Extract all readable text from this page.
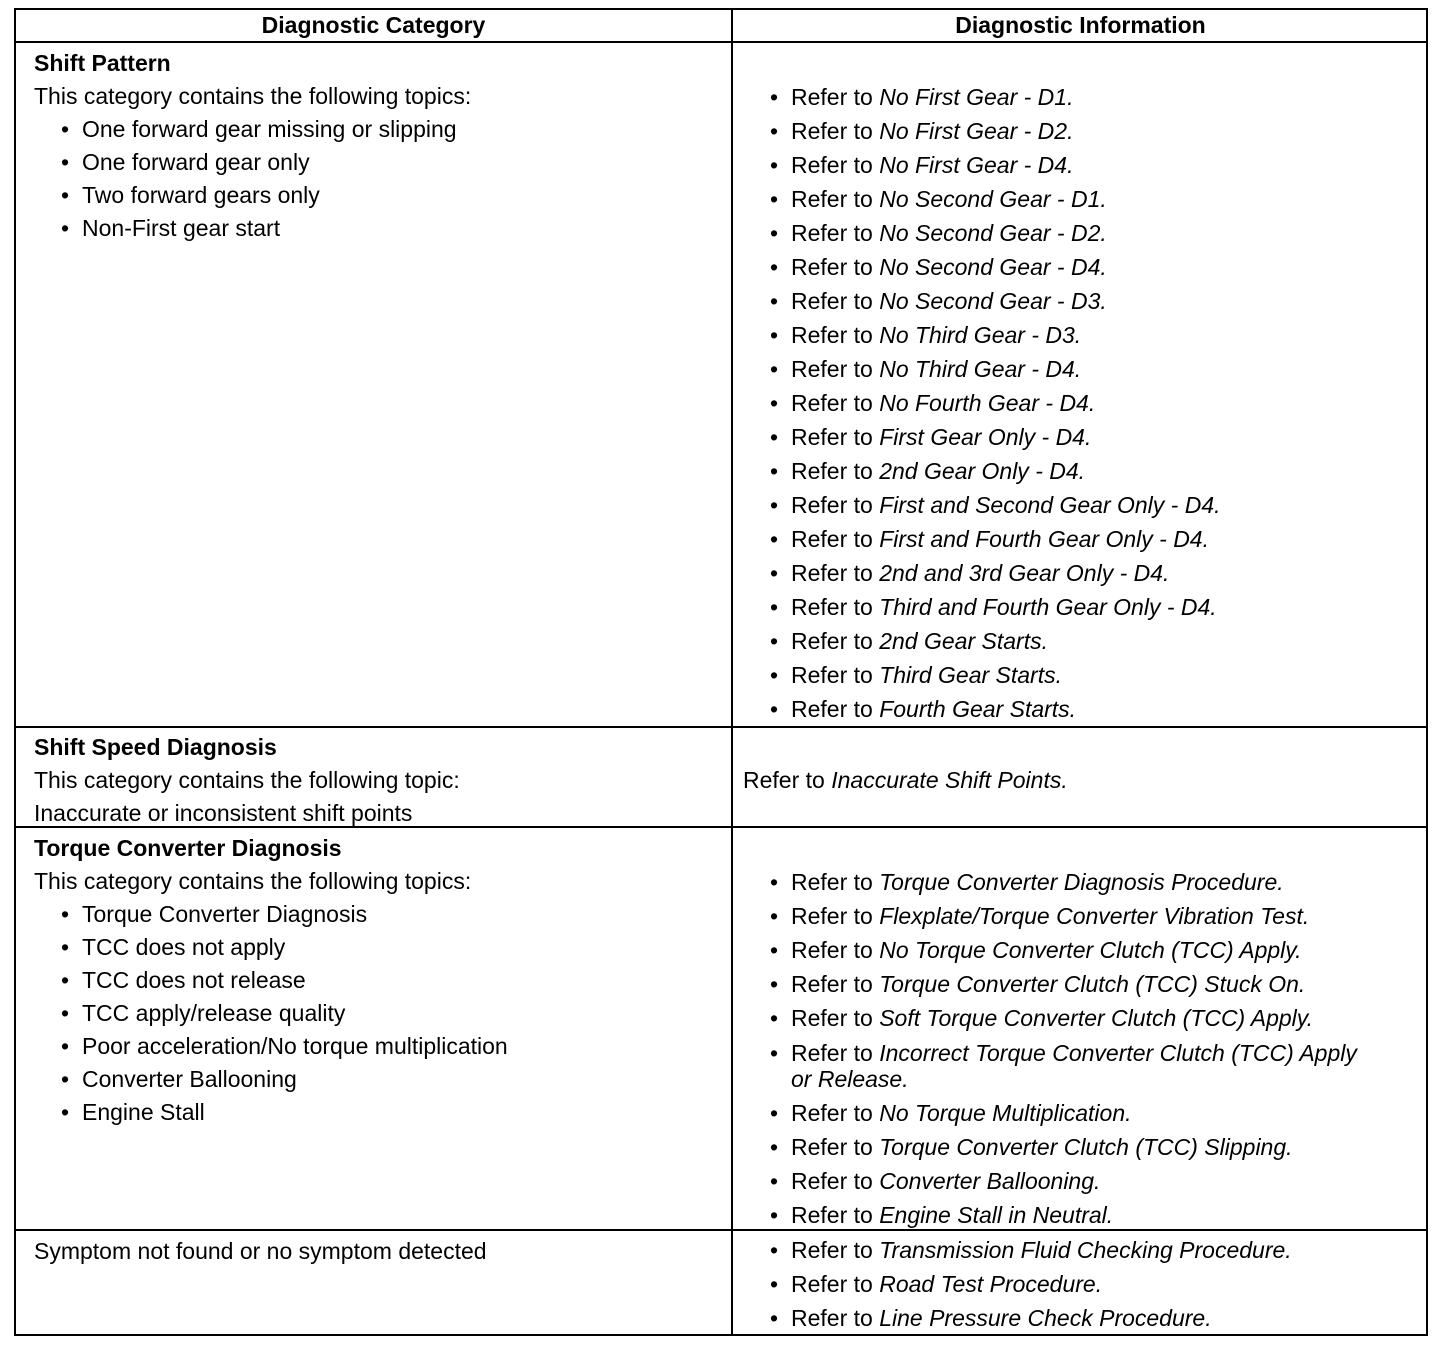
Diagnostic Category	Diagnostic Information
Shift Pattern
This category contains the following topics:
• One forward gear missing or slipping
• One forward gear only
• Two forward gears only
• Non-First gear start
• Refer to No First Gear - D1.
• Refer to No First Gear - D2.
• Refer to No First Gear - D4.
• Refer to No Second Gear - D1.
• Refer to No Second Gear - D2.
• Refer to No Second Gear - D4.
• Refer to No Second Gear - D3.
• Refer to No Third Gear - D3.
• Refer to No Third Gear - D4.
• Refer to No Fourth Gear - D4.
• Refer to First Gear Only - D4.
• Refer to 2nd Gear Only - D4.
• Refer to First and Second Gear Only - D4.
• Refer to First and Fourth Gear Only - D4.
• Refer to 2nd and 3rd Gear Only - D4.
• Refer to Third and Fourth Gear Only - D4.
• Refer to 2nd Gear Starts.
• Refer to Third Gear Starts.
• Refer to Fourth Gear Starts.
Shift Speed Diagnosis
This category contains the following topic:
Inaccurate or inconsistent shift points
Refer to Inaccurate Shift Points.
Torque Converter Diagnosis
This category contains the following topics:
• Torque Converter Diagnosis
• TCC does not apply
• TCC does not release
• TCC apply/release quality
• Poor acceleration/No torque multiplication
• Converter Ballooning
• Engine Stall
• Refer to Torque Converter Diagnosis Procedure.
• Refer to Flexplate/Torque Converter Vibration Test.
• Refer to No Torque Converter Clutch (TCC) Apply.
• Refer to Torque Converter Clutch (TCC) Stuck On.
• Refer to Soft Torque Converter Clutch (TCC) Apply.
• Refer to Incorrect Torque Converter Clutch (TCC) Apply
• Refer to No Torque Multiplication.
• Refer to Torque Converter Clutch (TCC) Slipping.
• Refer to Converter Ballooning.
• Refer to Engine Stall in Neutral.
or Release.
Symptom not found or no symptom detected	• Refer to Transmission Fluid Checking Procedure.
• Refer to Road Test Procedure.
• Refer to Line Pressure Check Procedure.
